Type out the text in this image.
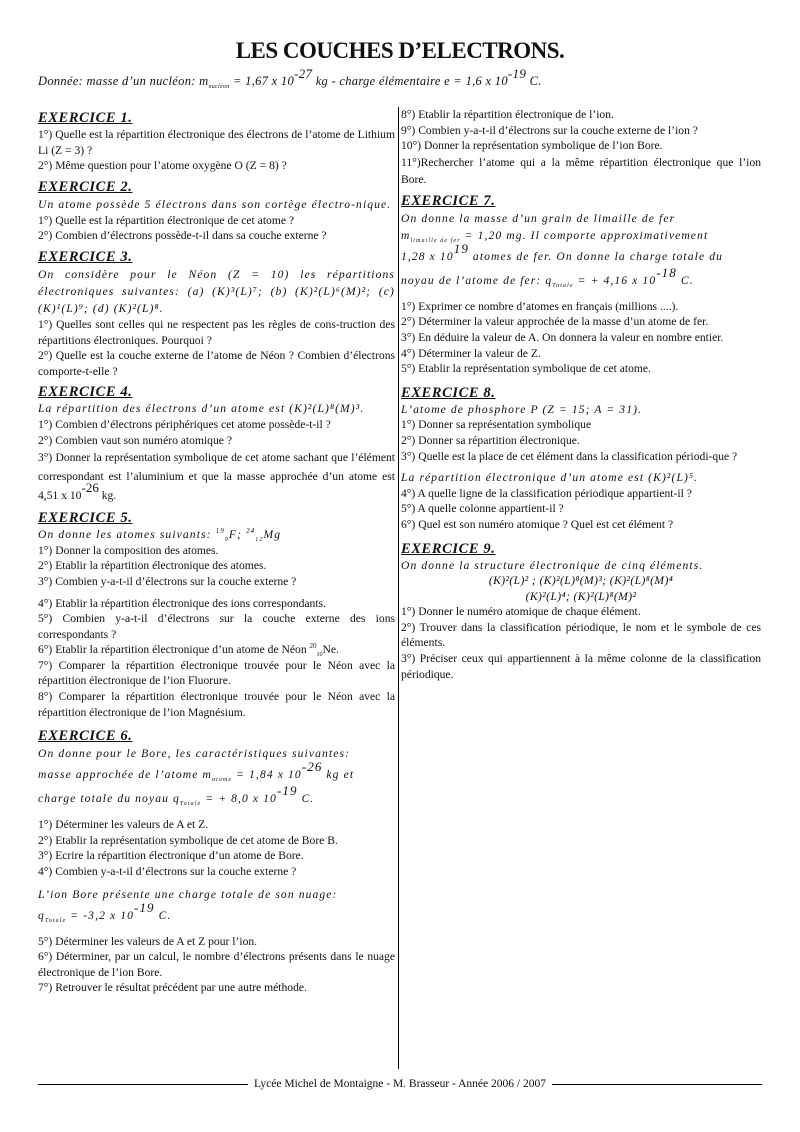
LES COUCHES D’ELECTRONS.
Donnée: masse d’un nucléon: $m_{nucléon} = 1,67$ x $10^{-27}$ kg - charge élémentaire e = 1,6 x $10^{-19}$ C.
EXERCICE 1.
1°) Quelle est la répartition électronique des électrons de l’atome de Lithium Li (Z = 3) ?
2°) Même question pour l’atome oxygène O (Z = 8) ?
EXERCICE 2.
Un atome possède 5 électrons dans son cortège électro-nique.
1°) Quelle est la répartition électronique de cet atome ?
2°) Combien d’électrons possède-t-il dans sa couche externe ?
EXERCICE 3.
On considère pour le Néon (Z = 10) les répartitions électroniques suivantes: (a) (K)³(L)⁷; (b) (K)²(L)⁶(M)²; (c) (K)¹(L)⁹; (d) (K)²(L)⁸.
1°) Quelles sont celles qui ne respectent pas les règles de cons-truction des répartitions électroniques. Pourquoi ?
2°) Quelle est la couche externe de l’atome de Néon ? Combien d’électrons comporte-t-elle ?
EXERCICE 4.
La répartition des électrons d’un atome est (K)²(L)⁸(M)³.
1°) Combien d’électrons périphériques cet atome possède-t-il ?
2°) Combien vaut son numéro atomique ?
3°) Donner la représentation symbolique de cet atome sachant que l’élément correspondant est l’aluminium et que la masse approchée d’un atome est 4,51 x $10^{-26}$ kg.
EXERCICE 5.
On donne les atomes suivants: $^{19}_9$F; $^{24}_{12}$Mg
1°) Donner la composition des atomes.
2°) Etablir la répartition électronique des atomes.
3°) Combien y-a-t-il d’électrons sur la couche externe ?
4°) Etablir la répartition électronique des ions correspondants.
5°) Combien y-a-t-il d’électrons sur la couche externe des ions correspondants ?
6°) Etablir la répartition électronique d’un atome de Néon $^{20}_{10}$Ne.
7°) Comparer la répartition électronique trouvée pour le Néon avec la répartition électronique de l’ion Fluorure.
8°) Comparer la répartition électronique trouvée pour le Néon avec la répartition électronique de l’ion Magnésium.
EXERCICE 6.
On donne pour le Bore, les caractéristiques suivantes:
masse approchée de l’atome $m_{atome} = 1,84$ x $10^{-26}$ kg et
charge totale du noyau $q_{Totale}$ = + 8,0 x $10^{-19}$ C.
1°) Déterminer les valeurs de A et Z.
2°) Etablir la représentation symbolique de cet atome de Bore B.
3°) Ecrire la répartition électronique d’un atome de Bore.
4°) Combien y-a-t-il d’électrons sur la couche externe ?
L’ion Bore présente une charge totale de son nuage:
$q_{Totale} = -3,2$ x $10^{-19}$ C.
5°) Déterminer les valeurs de A et Z pour l’ion.
6°) Déterminer, par un calcul, le nombre d’électrons présents dans le nuage électronique de l’ion Bore.
7°) Retrouver le résultat précédent par une autre méthode.
8°) Etablir la répartition électronique de l’ion.
9°) Combien y-a-t-il d’électrons sur la couche externe de l’ion ?
10°) Donner la représentation symbolique de l’ion Bore.
11°)Rechercher l’atome qui a la même répartition électronique que l’ion Bore.
EXERCICE 7.
On donne la masse d’un grain de limaille de fer
$m_{limaille de fer} = 1,20$ mg. Il comporte approximativement
1,28 x $10^{19}$ atomes de fer. On donne la charge totale du
noyau de l’atome de fer: $q_{Totale}$ = + 4,16 x $10^{-18}$ C.
1°) Exprimer ce nombre d’atomes en français (millions ....).
2°) Déterminer la valeur approchée de la masse d’un atome de fer.
3°) En déduire la valeur de A. On donnera la valeur en nombre entier.
4°) Déterminer la valeur de Z.
5°) Etablir la représentation symbolique de cet atome.
EXERCICE 8.
L’atome de phosphore P (Z = 15; A = 31).
1°) Donner sa représentation symbolique
2°) Donner sa répartition électronique.
3°) Quelle est la place de cet élément dans la classification périodi-que ?
La répartition électronique d’un atome est (K)²(L)⁵.
4°) A quelle ligne de la classification périodique appartient-il ?
5°) A quelle colonne appartient-il ?
6°) Quel est son numéro atomique ? Quel est cet élément ?
EXERCICE 9.
On donne la structure électronique de cinq éléments.
(K)²(L)² ; (K)²(L)⁸(M)³; (K)²(L)⁸(M)⁴
(K)²(L)⁴; (K)²(L)⁸(M)²
1°) Donner le numéro atomique de chaque élément.
2°) Trouver dans la classification périodique, le nom et le symbole de ces éléments.
3°) Préciser ceux qui appartiennent à la même colonne de la classification périodique.
Lycée Michel de Montaigne - M. Brasseur - Année 2006 / 2007
